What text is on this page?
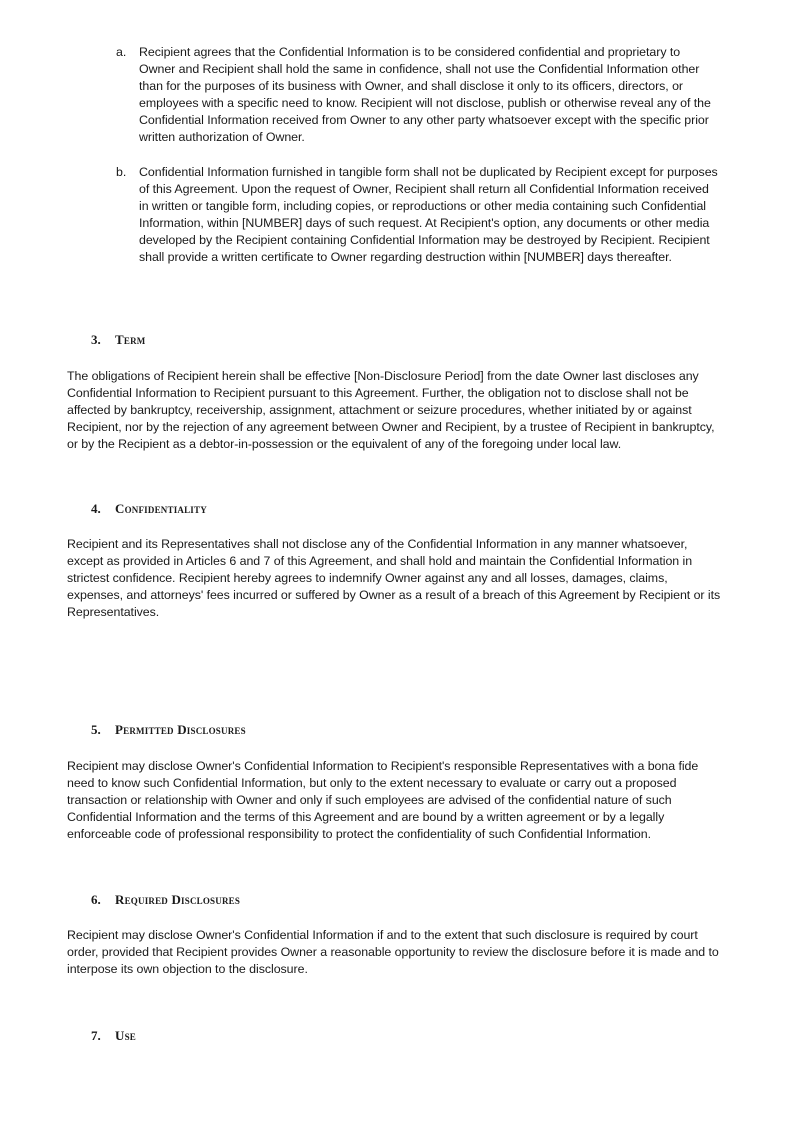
a. Recipient agrees that the Confidential Information is to be considered confidential and proprietary to Owner and Recipient shall hold the same in confidence, shall not use the Confidential Information other than for the purposes of its business with Owner, and shall disclose it only to its officers, directors, or employees with a specific need to know. Recipient will not disclose, publish or otherwise reveal any of the Confidential Information received from Owner to any other party whatsoever except with the specific prior written authorization of Owner.

b. Confidential Information furnished in tangible form shall not be duplicated by Recipient except for purposes of this Agreement. Upon the request of Owner, Recipient shall return all Confidential Information received in written or tangible form, including copies, or reproductions or other media containing such Confidential Information, within [NUMBER] days of such request. At Recipient's option, any documents or other media developed by the Recipient containing Confidential Information may be destroyed by Recipient. Recipient shall provide a written certificate to Owner regarding destruction within [NUMBER] days thereafter.

3. Term

The obligations of Recipient herein shall be effective [Non-Disclosure Period] from the date Owner last discloses any Confidential Information to Recipient pursuant to this Agreement. Further, the obligation not to disclose shall not be affected by bankruptcy, receivership, assignment, attachment or seizure procedures, whether initiated by or against Recipient, nor by the rejection of any agreement between Owner and Recipient, by a trustee of Recipient in bankruptcy, or by the Recipient as a debtor-in-possession or the equivalent of any of the foregoing under local law.

4. Confidentiality

Recipient and its Representatives shall not disclose any of the Confidential Information in any manner whatsoever, except as provided in Articles 6 and 7 of this Agreement, and shall hold and maintain the Confidential Information in strictest confidence. Recipient hereby agrees to indemnify Owner against any and all losses, damages, claims, expenses, and attorneys' fees incurred or suffered by Owner as a result of a breach of this Agreement by Recipient or its Representatives.

5. Permitted Disclosures

Recipient may disclose Owner's Confidential Information to Recipient's responsible Representatives with a bona fide need to know such Confidential Information, but only to the extent necessary to evaluate or carry out a proposed transaction or relationship with Owner and only if such employees are advised of the confidential nature of such Confidential Information and the terms of this Agreement and are bound by a written agreement or by a legally enforceable code of professional responsibility to protect the confidentiality of such Confidential Information.

6. Required Disclosures

Recipient may disclose Owner's Confidential Information if and to the extent that such disclosure is required by court order, provided that Recipient provides Owner a reasonable opportunity to review the disclosure before it is made and to interpose its own objection to the disclosure.

7. Use
